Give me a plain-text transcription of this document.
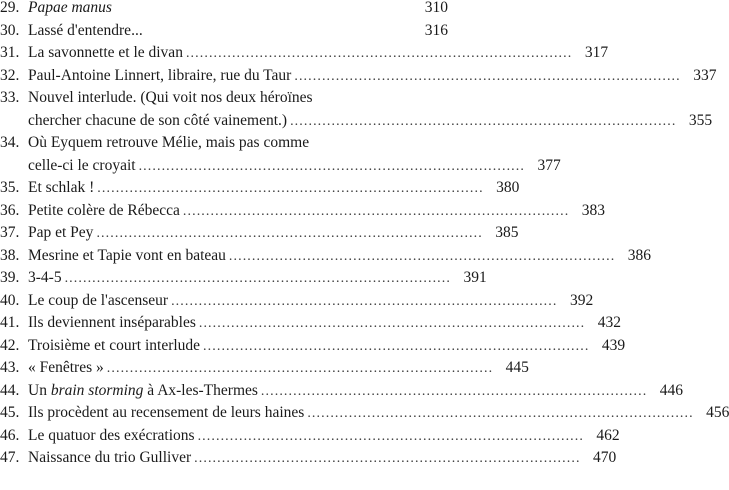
29. Papae manus	310
30. Lassé d'entendre...	316
31. La savonnette et le divan . . .	317
32. Paul-Antoine Linnert, libraire, rue du Taur . . .	337
33. Nouvel interlude. (Qui voit nos deux héroïnes
chercher chacune de son côté vainement.) . . .	355
34. Où Eyquem retrouve Mélie, mais pas comme
celle-ci le croyait . . .	377
35. Et schlak ! . . .	380
36. Petite colère de Rébecca . . .	383
37. Pap et Pey . . .	385
38. Mesrine et Tapie vont en bateau . . .	386
39. 3-4-5 . . .	391
40. Le coup de l'ascenseur . . .	392
41. Ils deviennent inséparables . . .	432
42. Troisième et court interlude . . .	439
43. « Fenêtres » . . .	445
44. Un brain storming à Ax-les-Thermes . . .	446
45. Ils procèdent au recensement de leurs haines . . .	456
46. Le quatuor des exécrations . . .	462
47. Naissance du trio Gulliver . . .	470
